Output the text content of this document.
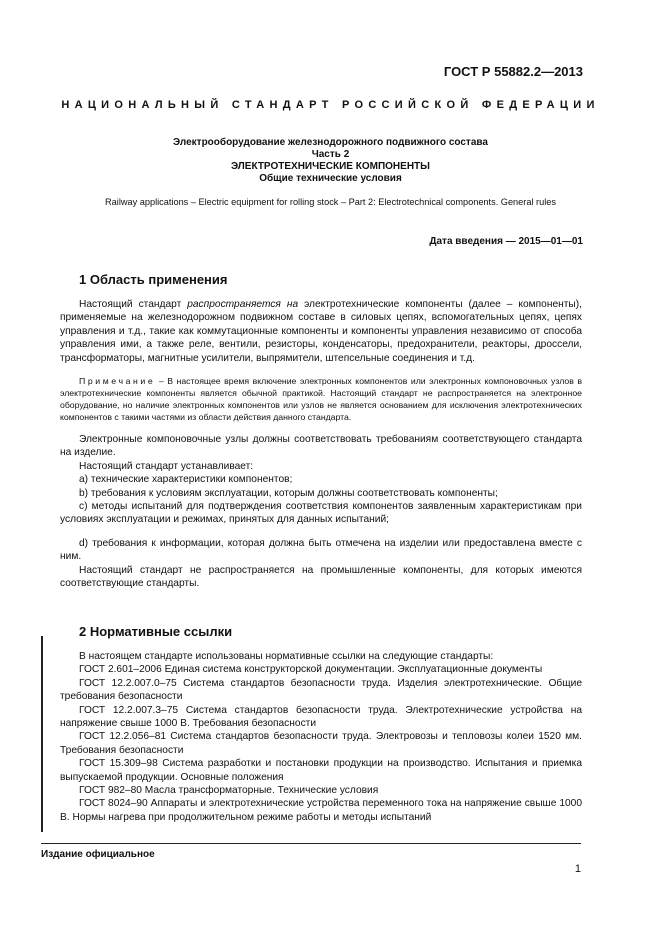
ГОСТ Р 55882.2—2013
НАЦИОНАЛЬНЫЙ СТАНДАРТ РОССИЙСКОЙ ФЕДЕРАЦИИ
Электрооборудование железнодорожного подвижного состава
Часть 2
ЭЛЕКТРОТЕХНИЧЕСКИЕ КОМПОНЕНТЫ
Общие технические условия
Railway applications – Electric equipment for rolling stock – Part 2: Electrotechnical components. General rules
Дата введения — 2015—01—01
1 Область применения

Настоящий стандарт распространяется на электротехнические компоненты (далее – компоненты), применяемые на железнодорожном подвижном составе в силовых цепях, вспомогательных цепях, цепях управления и т.д., такие как коммутационные компоненты и компоненты управления независимо от способа управления ими, а также реле, вентили, резисторы, конденсаторы, предохранители, реакторы, дроссели, трансформаторы, магнитные усилители, выпрямители, штепсельные соединения и т.д.

Примечание – В настоящее время включение электронных компонентов или электронных компоновочных узлов в электротехнические компоненты является обычной практикой. Настоящий стандарт не распространяется на электронное оборудование, но наличие электронных компонентов или узлов не является основанием для исключения электротехнических компонентов с такими частями из области действия данного стандарта.

Электронные компоновочные узлы должны соответствовать требованиям соответствующего стандарта на изделие.

Настоящий стандарт устанавливает:

a) технические характеристики компонентов;

b) требования к условиям эксплуатации, которым должны соответствовать компоненты;

c) методы испытаний для подтверждения соответствия компонентов заявленным характеристикам при условиях эксплуатации и режимах, принятых для данных испытаний;

d) требования к информации, которая должна быть отмечена на изделии или предоставлена вместе с ним.

Настоящий стандарт не распространяется на промышленные компоненты, для которых имеются соответствующие стандарты.

2 Нормативные ссылки

В настоящем стандарте использованы нормативные ссылки на следующие стандарты:

ГОСТ 2.601–2006 Единая система конструкторской документации. Эксплуатационные документы

ГОСТ 12.2.007.0–75 Система стандартов безопасности труда. Изделия электротехнические. Общие требования безопасности

ГОСТ 12.2.007.3–75 Система стандартов безопасности труда. Электротехнические устройства на напряжение свыше 1000 В. Требования безопасности

ГОСТ 12.2.056–81 Система стандартов безопасности труда. Электровозы и тепловозы колеи 1520 мм. Требования безопасности

ГОСТ 15.309–98 Система разработки и постановки продукции на производство. Испытания и приемка выпускаемой продукции. Основные положения

ГОСТ 982–80 Масла трансформаторные. Технические условия

ГОСТ 8024–90 Аппараты и электротехнические устройства переменного тока на напряжение свыше 1000 В. Нормы нагрева при продолжительном режиме работы и методы испытаний

Издание официальное
1
